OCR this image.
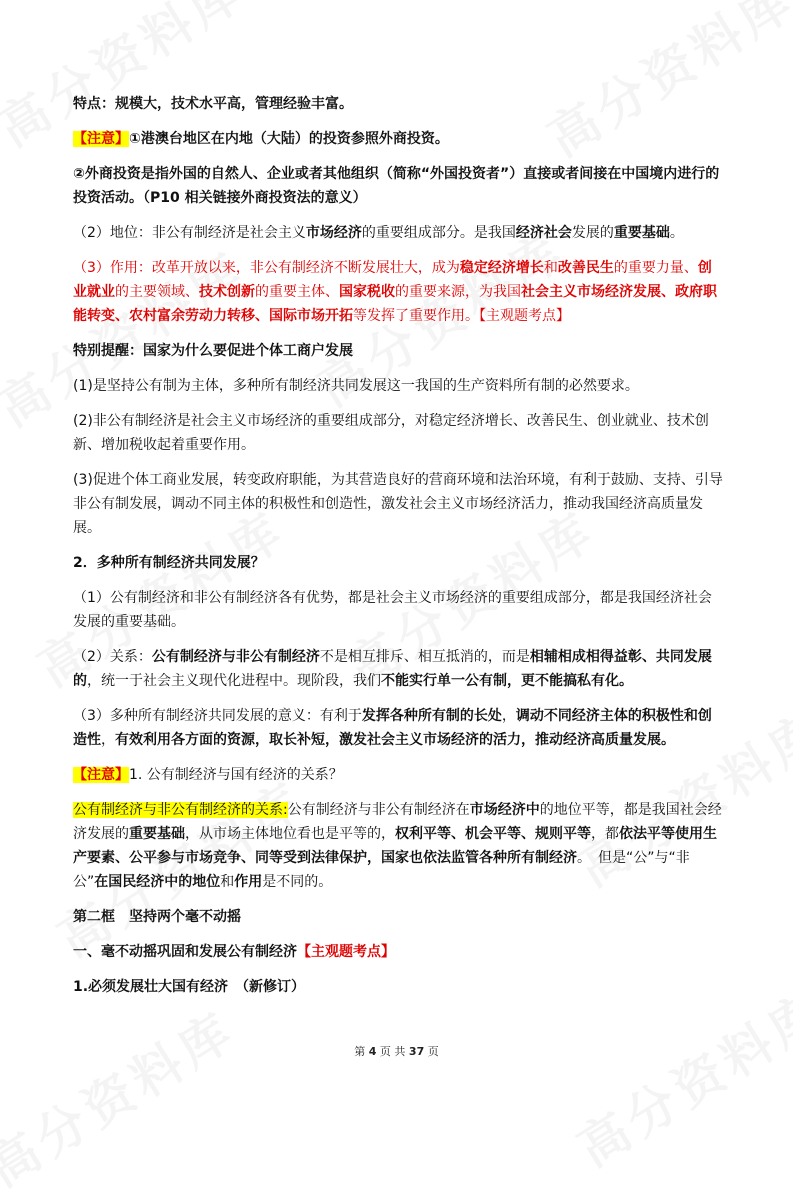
特点：规模大，技术水平高，管理经验丰富。

【注意】①港澳台地区在内地（大陆）的投资参照外商投资。

②外商投资是指外国的自然人、企业或者其他组织（简称“外国投资者”）直接或者间接在中国境内进行的投资活动。（P10 相关链接外商投资法的意义）

（2）地位：非公有制经济是社会主义市场经济的重要组成部分。是我国经济社会发展的重要基础。

（3）作用：改革开放以来，非公有制经济不断发展壮大，成为稳定经济增长和改善民生的重要力量、创业就业的主要领域、技术创新的重要主体、国家税收的重要来源，为我国社会主义市场经济发展、政府职能转变、农村富余劳动力转移、国际市场开拓等发挥了重要作用。【主观题考点】

特别提醒：国家为什么要促进个体工商户发展

(1)是坚持公有制为主体，多种所有制经济共同发展这一我国的生产资料所有制的必然要求。

(2)非公有制经济是社会主义市场经济的重要组成部分，对稳定经济增长、改善民生、创业就业、技术创新、增加税收起着重要作用。

(3)促进个体工商业发展，转变政府职能，为其营造良好的营商环境和法治环境，有利于鼓励、支持、引导非公有制发展，调动不同主体的积极性和创造性，激发社会主义市场经济活力，推动我国经济高质量发展。

2．多种所有制经济共同发展？

（1）公有制经济和非公有制经济各有优势，都是社会主义市场经济的重要组成部分，都是我国经济社会发展的重要基础。

（2）关系：公有制经济与非公有制经济不是相互排斥、相互抵消的，而是相辅相成相得益彰、共同发展的，统一于社会主义现代化进程中。现阶段，我们不能实行单一公有制，更不能搞私有化。

（3）多种所有制经济共同发展的意义：有利于发挥各种所有制的长处，调动不同经济主体的积极性和创造性，有效利用各方面的资源，取长补短，激发社会主义市场经济的活力，推动经济高质量发展。

【注意】1. 公有制经济与国有经济的关系？

公有制经济与非公有制经济的关系:公有制经济与非公有制经济在市场经济中的地位平等，都是我国社会经济发展的重要基础，从市场主体地位看也是平等的，权利平等、机会平等、规则平等，都依法平等使用生产要素、公平参与市场竞争、同等受到法律保护，国家也依法监管各种所有制经济。　但是“公”与“非公”在国民经济中的地位和作用是不同的。

第二框　坚持两个毫不动摇

一、毫不动摇巩固和发展公有制经济【主观题考点】

1.必须发展壮大国有经济　（新修订）

第 4 页 共 37 页
